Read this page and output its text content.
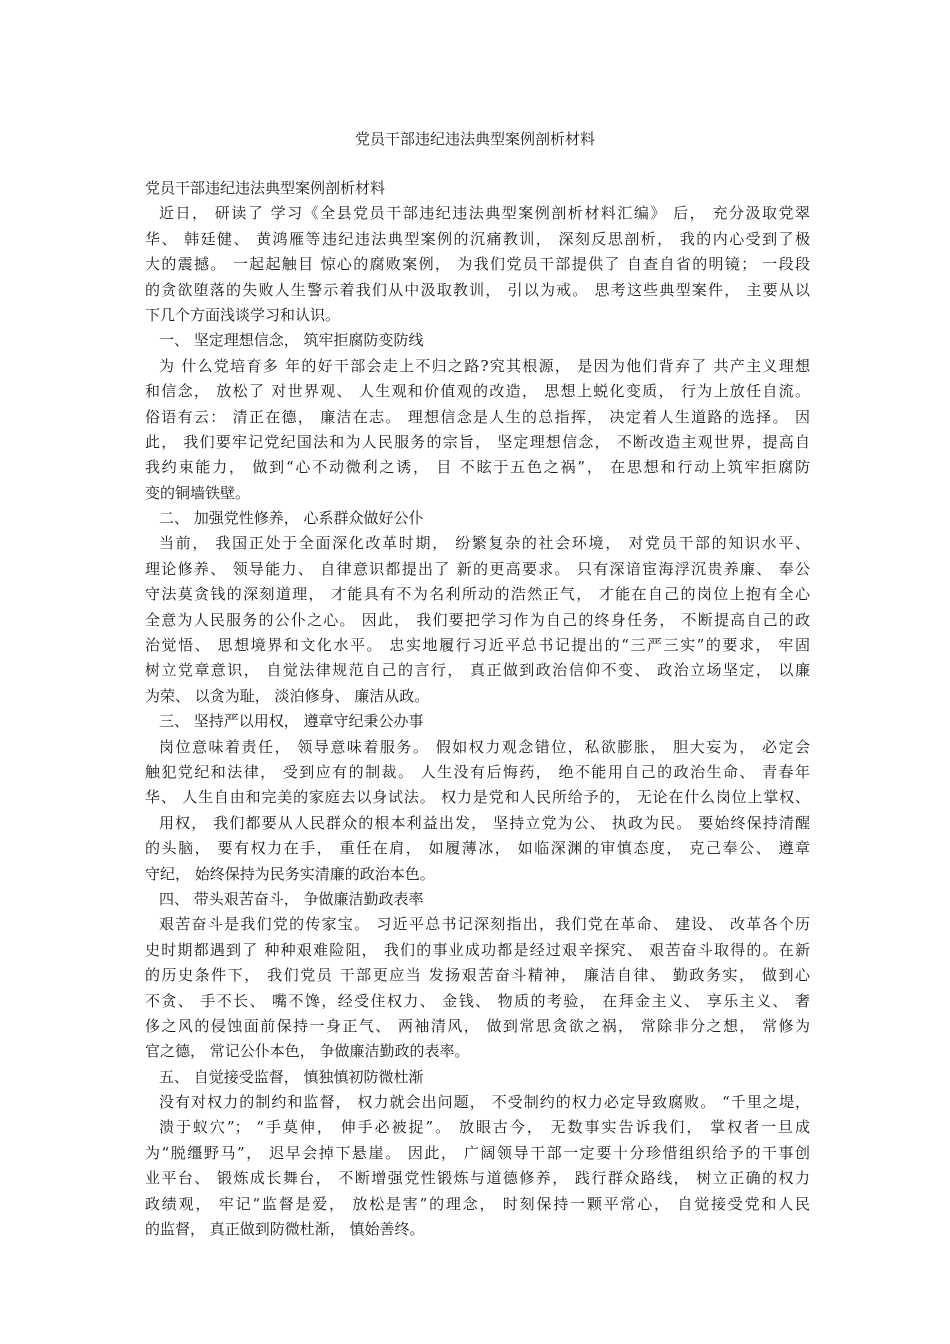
党员干部违纪违法典型案例剖析材料
党员干部违纪违法典型案例剖析材料
近日， 研读了 学习《全县党员干部违纪违法典型案例剖析材料汇编》 后， 充分汲取党翠
华、 韩廷健、 黄鸿雁等违纪违法典型案例的沉痛教训， 深刻反思剖析， 我的内心受到了极
大的震撼。 一起起触目 惊心的腐败案例， 为我们党员干部提供了 自查自省的明镜； 一段段
的贪欲堕落的失败人生警示着我们从中汲取教训， 引以为戒。 思考这些典型案件， 主要从以
下几个方面浅谈学习和认识。
一、 坚定理想信念， 筑牢拒腐防变防线
为 什么党培育多 年的好干部会走上不归之路?究其根源， 是因为他们背弃了 共产主义理想
和信念， 放松了 对世界观、 人生观和价值观的改造， 思想上蜕化变质， 行为上放任自流。
俗语有云： 清正在德， 廉洁在志。 理想信念是人生的总指挥， 决定着人生道路的选择。 因
此， 我们要牢记党纪国法和为人民服务的宗旨， 坚定理想信念， 不断改造主观世界，提高自
我约束能力， 做到“心不动微利之诱， 目 不眩于五色之祸”， 在思想和行动上筑牢拒腐防
变的铜墙铁壁。
二、 加强党性修养， 心系群众做好公仆
当前， 我国正处于全面深化改革时期， 纷繁复杂的社会环境， 对党员干部的知识水平、
理论修养、 领导能力、 自律意识都提出了 新的更高要求。 只有深谙宦海浮沉贵养廉、 奉公
守法莫贪钱的深刻道理， 才能具有不为名利所动的浩然正气， 才能在自己的岗位上抱有全心
全意为人民服务的公仆之心。 因此， 我们要把学习作为自己的终身任务， 不断提高自己的政
治觉悟、 思想境界和文化水平。 忠实地履行习近平总书记提出的“三严三实”的要求， 牢固
树立党章意识， 自觉法律规范自己的言行， 真正做到政治信仰不变、 政治立场坚定， 以廉
为荣、 以贪为耻， 淡泊修身、 廉洁从政。
三、 坚持严以用权， 遵章守纪秉公办事
岗位意味着责任， 领导意味着服务。 假如权力观念错位，私欲膨胀， 胆大妄为， 必定会
触犯党纪和法律， 受到应有的制裁。 人生没有后悔药， 绝不能用自己的政治生命、 青春年
华、 人生自由和完美的家庭去以身试法。 权力是党和人民所给予的， 无论在什么岗位上掌权、
用权， 我们都要从人民群众的根本利益出发， 坚持立党为公、 执政为民。 要始终保持清醒
的头脑， 要有权力在手， 重任在肩， 如履薄冰， 如临深渊的审慎态度， 克己奉公、 遵章
守纪， 始终保持为民务实清廉的政治本色。
四、 带头艰苦奋斗， 争做廉洁勤政表率
艰苦奋斗是我们党的传家宝。 习近平总书记深刻指出，我们党在革命、 建设、 改革各个历
史时期都遇到了 种种艰难险阻， 我们的事业成功都是经过艰辛探究、 艰苦奋斗取得的。在新
的历史条件下， 我们党员 干部更应当 发扬艰苦奋斗精神， 廉洁自律、 勤政务实， 做到心
不贪、 手不长、 嘴不馋，经受住权力、 金钱、 物质的考验， 在拜金主义、 享乐主义、 奢
侈之风的侵蚀面前保持一身正气、 两袖清风， 做到常思贪欲之祸， 常除非分之想， 常修为
官之德， 常记公仆本色， 争做廉洁勤政的表率。
五、 自觉接受监督， 慎独慎初防微杜渐
没有对权力的制约和监督， 权力就会出问题， 不受制约的权力必定导致腐败。 “千里之堤，
溃于蚁穴”； “手莫伸， 伸手必被捉”。 放眼古今， 无数事实告诉我们， 掌权者一旦成
为“脱缰野马”， 迟早会掉下悬崖。 因此， 广阔领导干部一定要十分珍惜组织给予的干事创
业平台、 锻炼成长舞台， 不断增强党性锻炼与道德修养， 践行群众路线， 树立正确的权力
政绩观， 牢记“监督是爱， 放松是害”的理念， 时刻保持一颗平常心， 自觉接受党和人民
的监督， 真正做到防微杜渐， 慎始善终。
